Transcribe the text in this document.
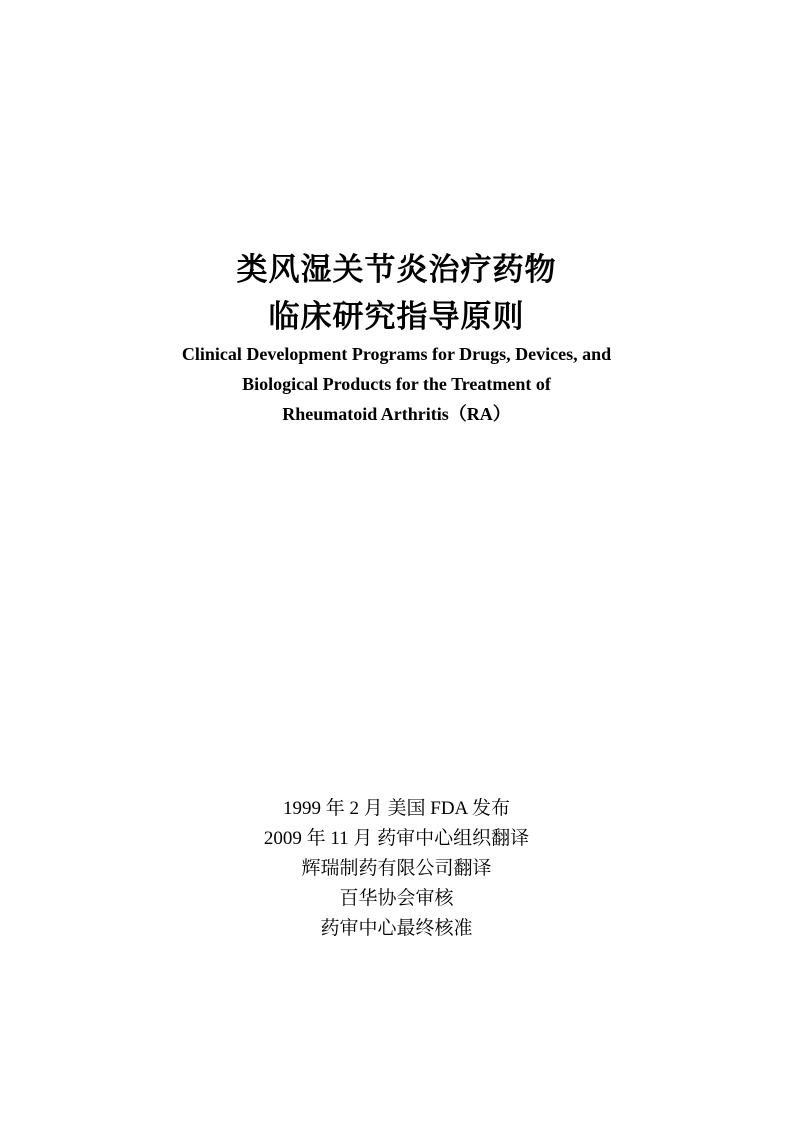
类风湿关节炎治疗药物
临床研究指导原则
Clinical Development Programs for Drugs, Devices, and
Biological Products for the Treatment of
Rheumatoid Arthritis（RA）
1999 年 2 月 美国 FDA 发布
2009 年 11 月 药审中心组织翻译
辉瑞制药有限公司翻译
百华协会审核
药审中心最终核准
